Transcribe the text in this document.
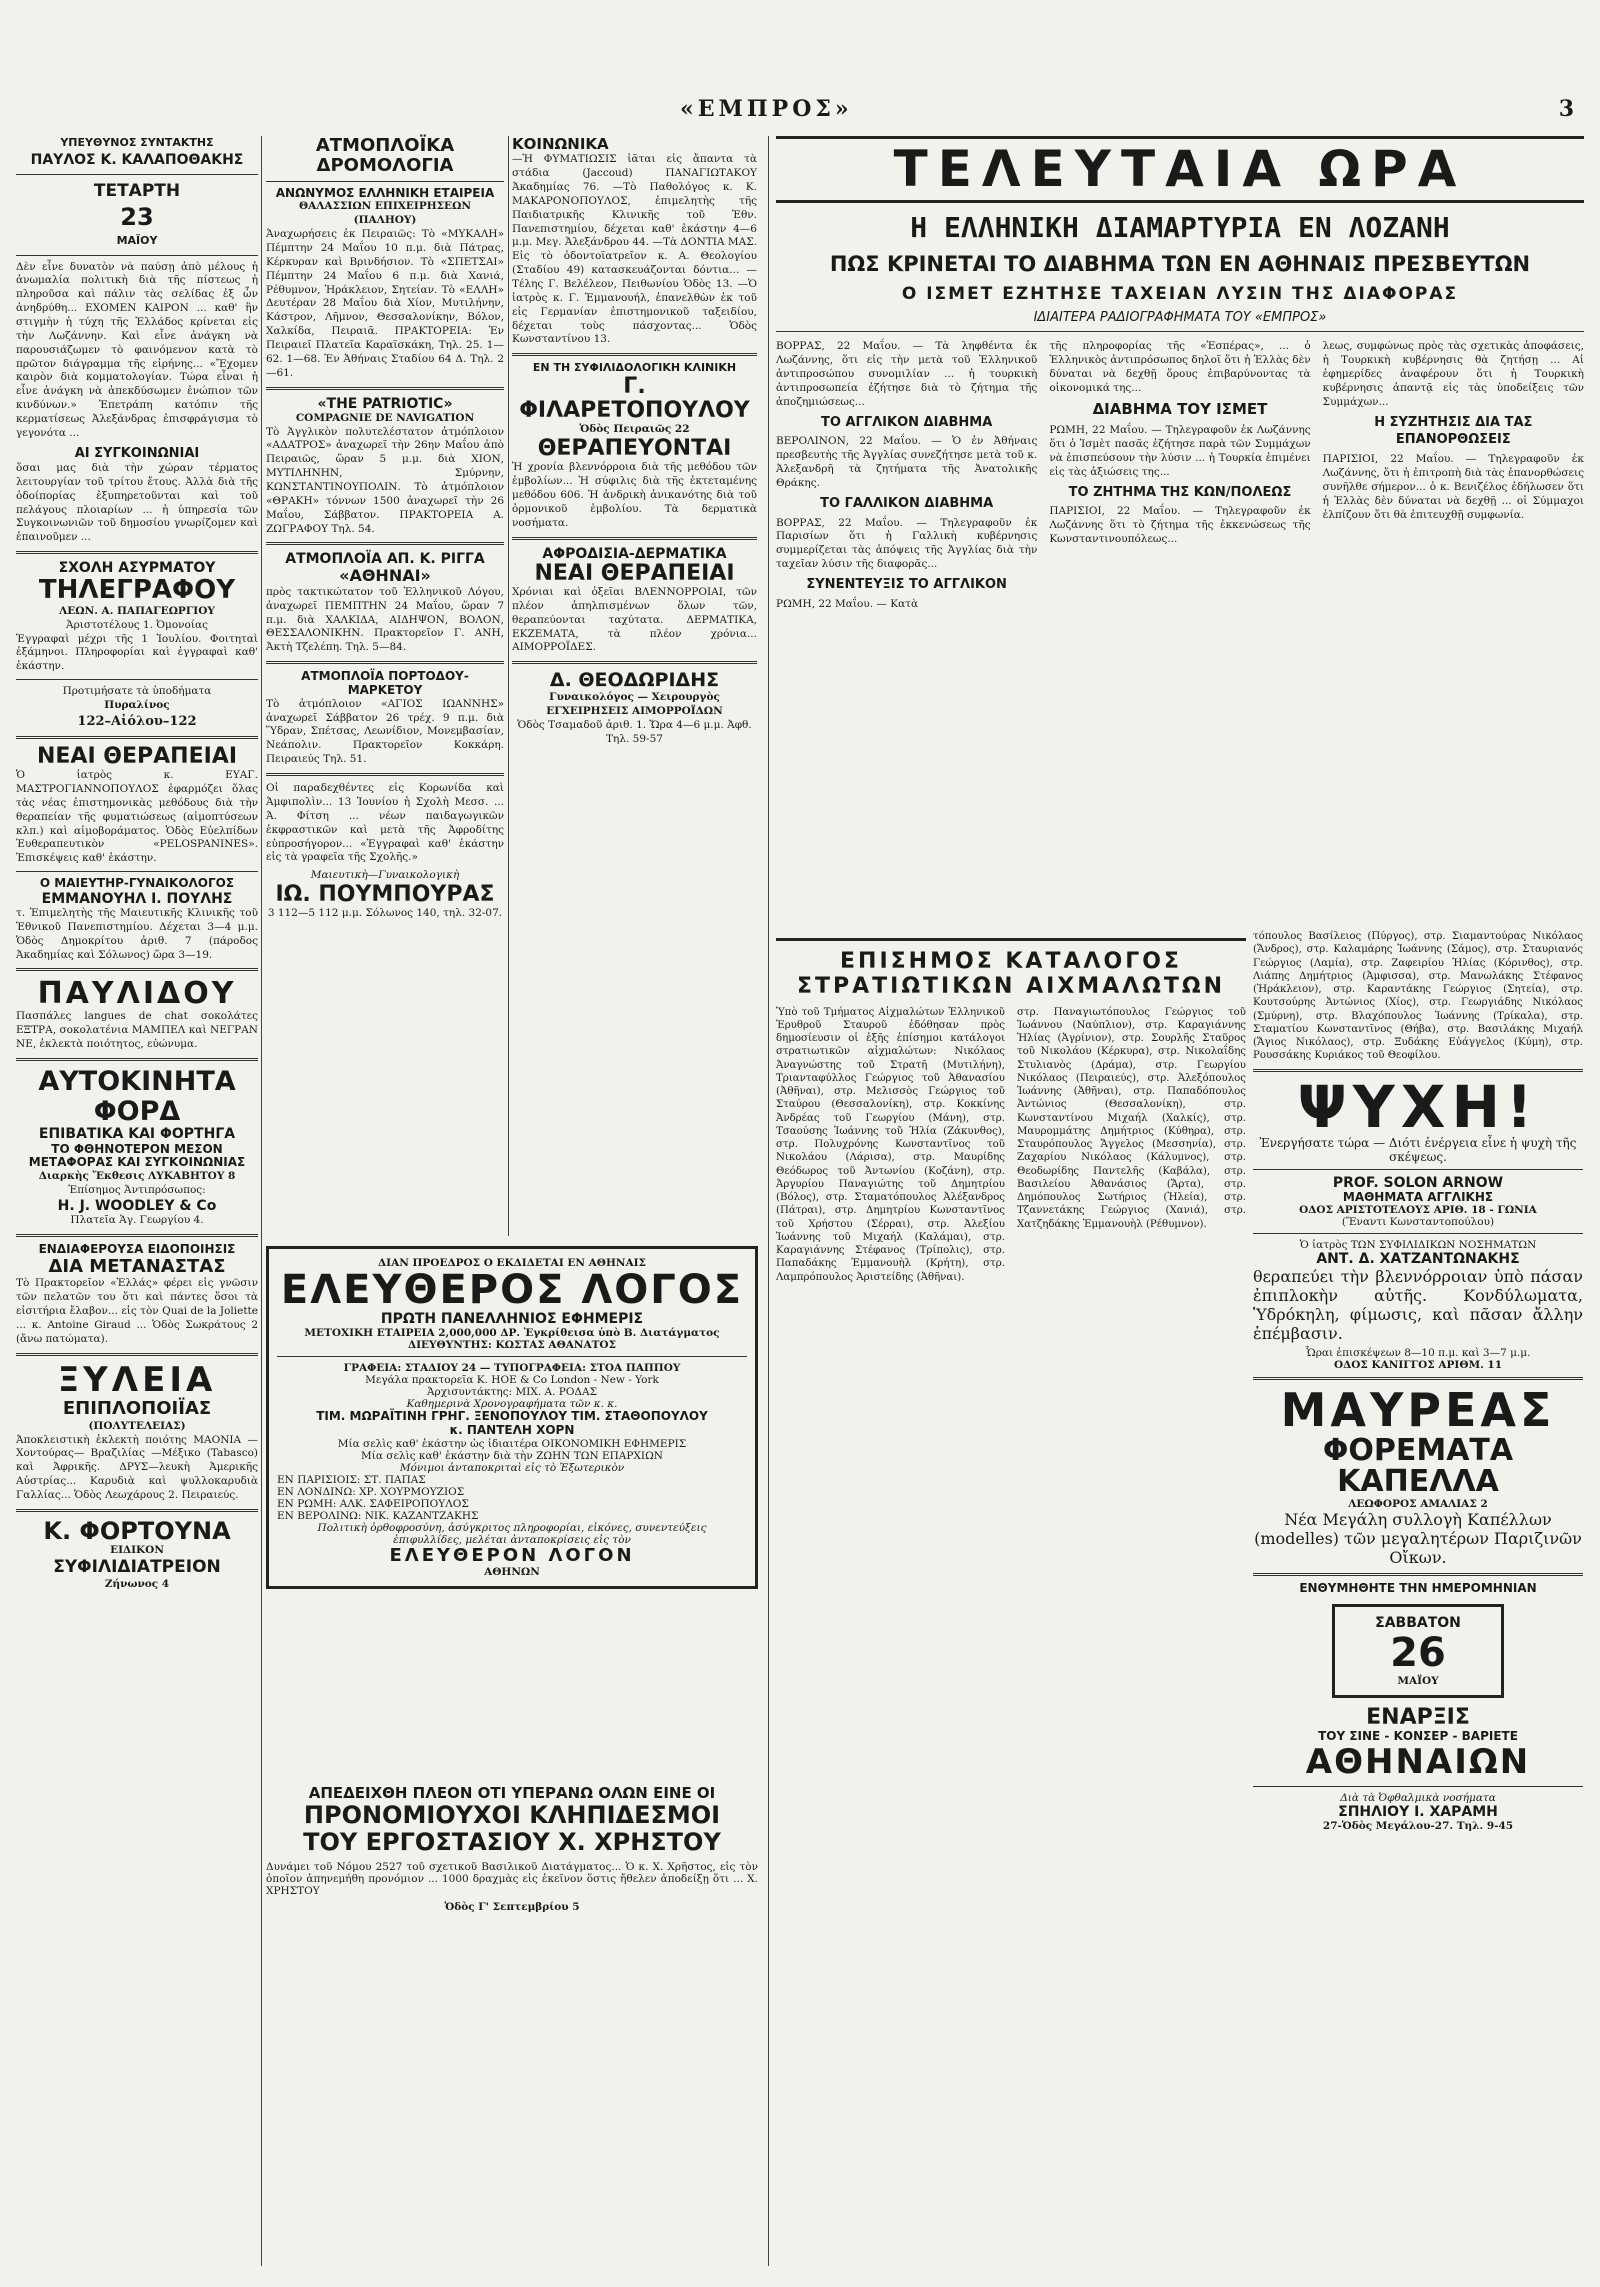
«ΕΜΠΡΟΣ»	3
ΥΠΕΥΘΥΝΟΣ ΣΥΝΤΑΚΤΗΣ
ΠΑΥΛΟΣ Κ. ΚΑΛΑΠΟΘΑΚΗΣ
ΤΕΤΑΡΤΗ
23
ΜΑΪΟΥ

Δὲν εἶνε δυνατὸν νὰ παύσῃ ἀπὸ μέλους ἡ ἀνωμαλία πολιτικὴ διὰ τῆς πίστεως ἡ πληροῦσα καὶ πάλιν τὰς σελίδας ἐξ ὧν ἀνηδρύθη... ΕΧΟΜΕΝ ΚΑΙΡΟΝ ... καθ' ἣν στιγμὴν ἡ τύχη τῆς Ἑλλάδος κρίνεται εἰς τὴν Λωζάννην. Καὶ εἶνε ἀνάγκη νὰ παρουσιάζωμεν τὸ φαινόμενον κατὰ τὸ πρῶτον διάγραμμα τῆς εἰρήνης... «Ἔχομεν καιρὸν διὰ κομματολογίαν. Τώρα εἶναι ἡ εἶνε ἀνάγκη νὰ ἀπεκδύσωμεν ἐνώπιον τῶν κινδύνων.» Ἐπετράπη κατόπιν τῆς κερματίσεως Ἀλεξάνδρας ἐπισφράγισμα τὸ γεγονότα ...

ΑΙ ΣΥΓΚΟΙΝΩΝΙΑΙ

ὅσαι μας διὰ τὴν χώραν τέρματος λειτουργίαν τοῦ τρίτου ἔτους. Ἀλλὰ διὰ τῆς ὁδοίπορίας ἐξυπηρετοῦνται καὶ τοῦ πελάγους πλοιαρίων ... ἡ ὑπηρεσία τῶν Συγκοινωνιῶν τοῦ δημοσίου γνωρίζομεν καὶ ἐπαινοῦμεν ...

ΣΧΟΛΗ ΑΣΥΡΜΑΤΟΥ
ΤΗΛΕΓΡΑΦΟΥ
ΛΕΩΝ. Α. ΠΑΠΑΓΕΩΡΓΙΟΥ
Ἀριστοτέλους 1. Ὀμονοίας

Ἐγγραφαὶ μέχρι τῆς 1 Ἰουλίου. Φοιτηταὶ ἐξάμηνοι. Πληροφορίαι καὶ ἐγγραφαὶ καθ' ἑκάστην.

Προτιμήσατε τὰ ὑποδήματα
Πυραλίνος
122–Αἰόλου–122
ΝΕΑΙ ΘΕΡΑΠΕΙΑΙ

Ὁ ἰατρὸς κ. ΕΥΑΓ. ΜΑΣΤΡΟΓΙΑΝΝΟΠΟΥΛΟΣ ἐφαρμόζει ὅλας τὰς νέας ἐπιστημονικὰς μεθόδους διὰ τὴν θεραπείαν τῆς φυματιώσεως (αἱμοπτύσεων κλπ.) καὶ αἱμοβοράματος. Ὁδὸς Εὐελπίδων Ἐυθεραπευτικὸν «PELOSPANINES». Ἐπισκέψεις καθ' ἑκάστην.

Ο ΜΑΙΕΥΤΗΡ-ΓΥΝΑΙΚΟΛΟΓΟΣ
ΕΜΜΑΝΟΥΗΛ Ι. ΠΟΥΛΗΣ

τ. Ἐπιμελητὴς τῆς Μαιευτικῆς Κλινικῆς τοῦ Ἐθνικοῦ Πανεπιστημίου. Δέχεται 3—4 μ.μ. Ὁδὸς Δημοκρίτου ἀριθ. 7 (πάροδος Ἀκαδημίας καὶ Σόλωνος) ὥρα 3—19.

ΠΑΥΛΙΔΟΥ

Πασπάλες langues de chat σοκολάτες ΕΞΤΡΑ, σοκολατένια ΜΑΜΠΕΛ καὶ ΝΕΓΡΑΝ ΝΕ, ἐκλεκτὰ ποιότητος, εὐώνυμα.

ΑΥΤΟΚΙΝΗΤΑ ΦΟΡΔ
ΕΠΙΒΑΤΙΚΑ ΚΑΙ ΦΟΡΤΗΓΑ
ΤΟ ΦΘΗΝΟΤΕΡΟΝ ΜΕΣΟΝ ΜΕΤΑΦΟΡΑΣ ΚΑΙ ΣΥΓΚΟΙΝΩΝΙΑΣ
Διαρκὴς Ἔκθεσις ΛΥΚΑΒΗΤΟΥ 8
Ἐπίσημος Ἀντιπρόσωπος:
H. J. WOODLEY & Co
Πλατεῖα Ἁγ. Γεωργίου 4.
ΕΝΔΙΑΦΕΡΟΥΣΑ ΕΙΔΟΠΟΙΗΣΙΣ
ΔΙΑ ΜΕΤΑΝΑΣΤΑΣ

Τὸ Πρακτορεῖον «Ἑλλάς» φέρει εἰς γνῶσιν τῶν πελατῶν του ὅτι καὶ πάντες ὅσοι τὰ εἰσιτήρια ἔλαβον... εἰς τὸν Quai de la Joliette ... κ. Antoine Giraud ... Ὁδὸς Σωκράτους 2 (ἄνω πατώματα).

ΞΥΛΕΙΑ
ΕΠΙΠΛΟΠΟΙΪΑΣ
(ΠΟΛΥΤΕΛΕΙΑΣ)

Ἀποκλειστικὴ ἐκλεκτὴ ποιότης ΜΑΟΝΙΑ —Χοντούρας— Βραζιλίας —Μέξικο (Tabasco) καὶ Ἀφρικῆς. ΔΡΥΣ—λευκὴ Ἀμερικῆς Αὐστρίας... Καρυδιὰ καὶ ψυλλοκαρυδιὰ Γαλλίας... Ὁδὸς Λεωχάρους 2. Πειραιεύς.

Κ. ΦΟΡΤΟΥΝΑ
ΕΙΔΙΚΟΝ
ΣΥΦΙΛΙΔΙΑΤΡΕΙΟΝ
Ζήνωνος 4
ΑΤΜΟΠΛΟΪΚΑ ΔΡΟΜΟΛΟΓΙΑ
ΑΝΩΝΥΜΟΣ ΕΛΛΗΝΙΚΗ ΕΤΑΙΡΕΙΑ
ΘΑΛΑΣΣΙΩΝ ΕΠΙΧΕΙΡΗΣΕΩΝ (ΠΑΛΗΟΥ)

Ἀναχωρήσεις ἐκ Πειραιῶς: Τὸ «ΜΥΚΑΛΗ» Πέμπτην 24 Μαΐου 10 π.μ. διὰ Πάτρας, Κέρκυραν καὶ Βρινδήσιον. Τὸ «ΣΠΕΤΣΑΙ» Πέμπτην 24 Μαΐου 6 π.μ. διὰ Χανιά, Ρέθυμνον, Ἡράκλειον, Σητείαν. Τὸ «ΕΛΛΗ» Δευτέραν 28 Μαΐου διὰ Χίον, Μυτιλήνην, Κάστρον, Λῆμνον, Θεσσαλονίκην, Βόλον, Χαλκίδα, Πειραιᾶ. ΠΡΑΚΤΟΡΕΙΑ: Ἐν Πειραιεῖ Πλατεῖα Καραϊσκάκη, Τηλ. 25. 1—62. 1—68. Ἐν Ἀθήναις Σταδίου 64 Δ. Τηλ. 2—61.

«THE PATRIOTIC»
COMPAGNIE DE NAVIGATION

Τὸ Ἀγγλικὸν πολυτελέστατον ἀτμόπλοιον «ΑΔΑΤΡΟΣ» ἀναχωρεῖ τὴν 26ην Μαΐου ἀπὸ Πειραιῶς, ὥραν 5 μ.μ. διὰ ΧΙΟΝ, ΜΥΤΙΛΗΝΗΝ, Σμύρνην, ΚΩΝΣΤΑΝΤΙΝΟΥΠΟΛΙΝ. Τὸ ἀτμόπλοιον «ΘΡΑΚΗ» τόννων 1500 ἀναχωρεῖ τὴν 26 Μαΐου, Σάββατον. ΠΡΑΚΤΟΡΕΙΑ Α. ΖΩΓΡΑΦΟΥ Τηλ. 54.

ΑΤΜΟΠΛΟΪΑ ΑΠ. Κ. ΡΙΓΓΑ
«ΑΘΗΝΑΙ»

πρὸς τακτικώτατον τοῦ Ἑλληνικοῦ Λόγου, ἀναχωρεῖ ΠΕΜΠΤΗΝ 24 Μαΐου, ὥραν 7 π.μ. διὰ ΧΑΛΚΙΔΑ, ΑΙΔΗΨΟΝ, ΒΟΛΟΝ, ΘΕΣΣΑΛΟΝΙΚΗΝ. Πρακτορεῖον Γ. ΑΝΗ, Ἀκτὴ Τζελέπη. Τηλ. 5—84.

ΑΤΜΟΠΛΟΪΑ ΠΟΡΤΟΔΟΥ-ΜΑΡΚΕΤΟΥ

Τὸ ἀτμόπλοιον «ΑΓΙΟΣ ΙΩΑΝΝΗΣ» ἀναχωρεῖ Σάββατον 26 τρέχ. 9 π.μ. διὰ Ὕδραν, Σπέτσας, Λεωνίδιον, Μονεμβασίαν, Νεάπολιν. Πρακτορεῖον Κοκκάρη. Πειραιεύς Τηλ. 51.

Οἱ παραδεχθέντες εἰς Κορωνίδα καὶ Ἀμφιπολὶν... 13 Ἰουνίου ἡ Σχολὴ Μεσσ. ... Ἀ. Φίτση ... νέων παιδαγωγικῶν ἐκφραστικῶν καὶ μετὰ τῆς Ἀφροδίτης εὐπροσήγορον... «Ἐγγραφαὶ καθ' ἑκάστην εἰς τὰ γραφεῖα τῆς Σχολῆς.»

Μαιευτικὴ—Γυναικολογικὴ
ΙΩ. ΠΟΥΜΠΟΥΡΑΣ
3 112—5 112 μ.μ. Σόλωνος 140, τηλ. 32-07.
ΚΟΙΝΩΝΙΚΑ

—Ἡ ΦΥΜΑΤΙΩΣΙΣ ἰᾶται εἰς ἄπαντα τὰ στάδια (Jaccoud) ΠΑΝΑΓΙΩΤΑΚΟΥ Ἀκαδημίας 76. —Τὸ Παθολόγος κ. Κ. ΜΑΚΑΡΟΝΟΠΟΥΛΟΣ, ἐπιμελητὴς τῆς Παιδιατρικῆς Κλινικῆς τοῦ Ἐθν. Πανεπιστημίου, δέχεται καθ' ἑκάστην 4—6 μ.μ. Μεγ. Ἀλεξάνδρου 44. —Τὰ ΔΟΝΤΙΑ ΜΑΣ. Εἰς τὸ ὀδοντοϊατρεῖον κ. Α. Θεολογίου (Σταδίου 49) κατασκευάζονται δόντια... —Τέλης Γ. Βελέλεον, Πειθωνίου Ὁδὸς 13. —Ὁ ἰατρὸς κ. Γ. Ἐμμανουήλ, ἐπανελθὼν ἐκ τοῦ εἰς Γερμανίαν ἐπιστημονικοῦ ταξειδίου, δέχεται τοὺς πάσχοντας... Ὁδὸς Κωνσταντίνου 13.

ΕΝ ΤΗ ΣΥΦΙΛΙΔΟΛΟΓΙΚΗ ΚΛΙΝΙΚΗ
Γ. ΦΙΛΑΡΕΤΟΠΟΥΛΟΥ
Ὁδὸς Πειραιῶς 22
ΘΕΡΑΠΕΥΟΝΤΑΙ

Ἡ χρονία βλεννόρροια διὰ τῆς μεθόδου τῶν ἐμβολίων... Ἡ σύφιλις διὰ τῆς ἐκτεταμένης μεθόδου 606. Ἡ ἀνδρικὴ ἀνικανότης διὰ τοῦ ὀρμονικοῦ ἐμβολίου. Τὰ δερματικὰ νοσήματα.

ΑΦΡΟΔΙΣΙΑ-ΔΕΡΜΑΤΙΚΑ
ΝΕΑΙ ΘΕΡΑΠΕΙΑΙ

Χρόνιαι καὶ ὀξεῖαι ΒΛΕΝΝΟΡΡΟΙΑΙ, τῶν πλέον ἀπηλπισμένων ὅλων τῶν, θεραπεύονται ταχύτατα. ΔΕΡΜΑΤΙΚΑ, ΕΚΖΕΜΑΤΑ, τὰ πλέον χρόνια... ΑΙΜΟΡΡΟΪΔΕΣ.

Δ. ΘΕΟΔΩΡΙΔΗΣ
Γυναικολόγος — Χειρουργὸς
ΕΓΧΕΙΡΗΣΕΙΣ ΑΙΜΟΡΡΟΪΔΩΝ
Ὁδὸς Τσαμαδοῦ ἀριθ. 1. Ὥρα 4—6 μ.μ. Ἀφθ. Τηλ. 59-57
ΔΙΑΝ ΠΡΟΕΔΡΟΣ Ο ΕΚΔΙΔΕΤΑΙ ΕΝ ΑΘΗΝΑΙΣ
ΕΛΕΥΘΕΡΟΣ ΛΟΓΟΣ
ΠΡΩΤΗ ΠΑΝΕΛΛΗΝΙΟΣ ΕΦΗΜΕΡΙΣ
ΜΕΤΟΧΙΚΗ ΕΤΑΙΡΕΙΑ 2,000,000 ΔΡ. Ἐγκρίθεισα ὑπὸ Β. Διατάγματος
ΔΙΕΥΘΥΝΤΗΣ: ΚΩΣΤΑΣ ΑΘΑΝΑΤΟΣ
ΓΡΑΦΕΙΑ: ΣΤΑΔΙΟΥ 24 — ΤΥΠΟΓΡΑΦΕΙΑ: ΣΤΟΑ ΠΑΠΠΟΥ
Μεγάλα πρακτορεῖα K. HOE & Co London - New - York
Ἀρχισυντάκτης: ΜΙΧ. Α. ΡΟΔΑΣ
Καθημερινὰ Χρονογραφήματα τῶν κ. κ.
ΤΙΜ. ΜΩΡΑΪΤΙΝΗ ΓΡΗΓ. ΞΕΝΟΠΟΥΛΟΥ ΤΙΜ. ΣΤΑΘΟΠΟΥΛΟΥ
κ. ΠΑΝΤΕΛΗ ΧΟΡΝ
Μία σελὶς καθ' ἑκάστην ὡς ἰδιαιτέρα ΟΙΚΟΝΟΜΙΚΗ ΕΦΗΜΕΡΙΣ
Μία σελὶς καθ' ἑκάστην διὰ τὴν ΖΩΗΝ ΤΩΝ ΕΠΑΡΧΙΩΝ
Μόνιμοι ἀνταποκριταὶ εἰς τὸ Ἐξωτερικὸν
ΕΝ ΠΑΡΙΣΙΟΙΣ: ΣΤ. ΠΑΠΑΣ
ΕΝ ΛΟΝΔΙΝΩ: ΧΡ. ΧΟΥΡΜΟΥΖΙΟΣ
ΕΝ ΡΩΜΗ: ΑΛΚ. ΣΑΦΕΙΡΟΠΟΥΛΟΣ
ΕΝ ΒΕΡΟΛΙΝΩ: ΝΙΚ. ΚΑΖΑΝΤΖΑΚΗΣ
Πολιτικὴ ὀρθοφροσύνη, ἀσύγκριτος πληροφορίαι, εἰκόνες, συνεντεύξεις
ἐπιφυλλίδες, μελέται ἀνταποκρίσεις εἰς τὸν
ΕΛΕΥΘΕΡΟΝ ΛΟΓΟΝ
ΑΘΗΝΩΝ
ΑΠΕΔΕΙΧΘΗ ΠΛΕΟΝ ΟΤΙ ΥΠΕΡΑΝΩ ΟΛΩΝ ΕΙΝΕ ΟΙ
ΠΡΟΝΟΜΙΟΥΧΟΙ ΚΛΗΠΙΔΕΣΜΟΙ
ΤΟΥ ΕΡΓΟΣΤΑΣΙΟΥ Χ. ΧΡΗΣΤΟΥ

Δυνάμει τοῦ Νόμου 2527 τοῦ σχετικοῦ Βασιλικοῦ Διατάγματος... Ὁ κ. Χ. Χρῆστος, εἰς τὸν ὁποῖον ἀπηνεμήθη προνόμιον ... 1000 δραχμὰς εἰς ἐκεῖνον ὅστις ἤθελεν ἀποδείξῃ ὅτι ... Χ. ΧΡΗΣΤΟΥ

Ὁδὸς Γ' Σεπτεμβρίου 5
ΤΕΛΕΥΤΑΙΑ ΩΡΑ
Η ΕΛΛΗΝΙΚΗ ΔΙΑΜΑΡΤΥΡΙΑ ΕΝ ΛΟΖΑΝΗ
ΠΩΣ ΚΡΙΝΕΤΑΙ ΤΟ ΔΙΑΒΗΜΑ ΤΩΝ ΕΝ ΑΘΗΝΑΙΣ ΠΡΕΣΒΕΥΤΩΝ
Ο ΙΣΜΕΤ ΕΖΗΤΗΣΕ ΤΑΧΕΙΑΝ ΛΥΣΙΝ ΤΗΣ ΔΙΑΦΟΡΑΣ
ΙΔΙΑΙΤΕΡΑ ΡΑΔΙΟΓΡΑΦΗΜΑΤΑ ΤΟΥ «ΕΜΠΡΟΣ»

ΒΟΡΡΑΣ, 22 Μαΐου. — Τὰ ληφθέντα ἐκ Λωζάννης, ὅτι εἰς τὴν μετὰ τοῦ Ἑλληνικοῦ ἀντιπροσώπου συνομιλίαν ... ἡ τουρκικὴ ἀντιπροσωπεία ἐζήτησε διὰ τὸ ζήτημα τῆς ἀποζημιώσεως...

ΤΟ ΑΓΓΛΙΚΟΝ ΔΙΑΒΗΜΑ

ΒΕΡΟΛΙΝΟΝ, 22 Μαΐου. — Ὁ ἐν Ἀθήναις πρεσβευτὴς τῆς Ἀγγλίας συνεζήτησε μετὰ τοῦ κ. Ἀλεξανδρῆ τὰ ζητήματα τῆς Ἀνατολικῆς Θράκης.

ΤΟ ΓΑΛΛΙΚΟΝ ΔΙΑΒΗΜΑ

ΒΟΡΡΑΣ, 22 Μαΐου. — Τηλεγραφοῦν ἐκ Παρισίων ὅτι ἡ Γαλλικὴ κυβέρνησις συμμερίζεται τὰς ἀπόψεις τῆς Ἀγγλίας διὰ τὴν ταχεῖαν λύσιν τῆς διαφορᾶς...

ΣΥΝΕΝΤΕΥΞΙΣ ΤΟ ΑΓΓΛΙΚΟΝ

ΡΩΜΗ, 22 Μαΐου. — Κατὰ

τῆς πληροφορίας τῆς «Ἑσπέρας», ... ὁ Ἑλληνικὸς ἀντιπρόσωπος δηλοῖ ὅτι ἡ Ἑλλὰς δὲν δύναται νὰ δεχθῇ ὅρους ἐπιβαρύνοντας τὰ οἰκονομικά της...

ΔΙΑΒΗΜΑ ΤΟΥ ΙΣΜΕΤ

ΡΩΜΗ, 22 Μαΐου. — Τηλεγραφοῦν ἐκ Λωζάννης ὅτι ὁ Ἰσμὲτ πασᾶς ἐζήτησε παρὰ τῶν Συμμάχων νὰ ἐπισπεύσουν τὴν λύσιν ... ἡ Τουρκία ἐπιμένει εἰς τὰς ἀξιώσεις της...

ΤΟ ΖΗΤΗΜΑ ΤΗΣ ΚΩΝ/ΠΟΛΕΩΣ

ΠΑΡΙΣΙΟΙ, 22 Μαΐου. — Τηλεγραφοῦν ἐκ Λωζάννης ὅτι τὸ ζήτημα τῆς ἐκκενώσεως τῆς Κωνσταντινουπόλεως...

λεως, συμφώνως πρὸς τὰς σχετικὰς ἀποφάσεις, ἡ Τουρκικὴ κυβέρνησις θὰ ζητήσῃ ... Αἱ ἐφημερίδες ἀναφέρουν ὅτι ἡ Τουρκικὴ κυβέρνησις ἀπαντᾷ εἰς τὰς ὑποδείξεις τῶν Συμμάχων...

Η ΣΥΖΗΤΗΣΙΣ ΔΙΑ ΤΑΣ ΕΠΑΝΟΡΘΩΣΕΙΣ

ΠΑΡΙΣΙΟΙ, 22 Μαΐου. — Τηλεγραφοῦν ἐκ Λωζάννης, ὅτι ἡ ἐπιτροπὴ διὰ τὰς ἐπανορθώσεις συνῆλθε σήμερον... ὁ κ. Βενιζέλος ἐδήλωσεν ὅτι ἡ Ἑλλὰς δὲν δύναται νὰ δεχθῇ ... οἱ Σύμμαχοι ἐλπίζουν ὅτι θὰ ἐπιτευχθῇ συμφωνία.

ΕΠΙΣΗΜΟΣ ΚΑΤΑΛΟΓΟΣ
ΣΤΡΑΤΙΩΤΙΚΩΝ ΑΙΧΜΑΛΩΤΩΝ
Ὑπὸ τοῦ Τμήματος Αἰχμαλώτων Ἑλληνικοῦ Ἐρυθροῦ Σταυροῦ ἐδόθησαν πρὸς δημοσίευσιν οἱ ἑξῆς ἐπίσημοι κατάλογοι στρατιωτικῶν αἰχμαλώτων: Νικόλαος Ἀναγνώστης τοῦ Στρατῆ (Μυτιλήνη), Τριανταφύλλος Γεώργιος τοῦ Ἀθανασίου (Ἀθῆναι), στρ. Μελισσὸς Γεώργιος τοῦ Σταύρου (Θεσσαλονίκη), στρ. Κοκκίνης Ἀνδρέας τοῦ Γεωργίου (Μάνη), στρ. Τσαούσης Ἰωάννης τοῦ Ἠλία (Ζάκυνθος), στρ. Πολυχρόνης Κωνσταντῖνος τοῦ Νικολάου (Λάρισα), στρ. Μαυρίδης Θεόδωρος τοῦ Ἀντωνίου (Κοζάνη), στρ. Ἀργυρίου Παναγιώτης τοῦ Δημητρίου (Βόλος), στρ. Σταματόπουλος Ἀλέξανδρος (Πάτραι), στρ. Δημητρίου Κωνσταντῖνος τοῦ Χρήστου (Σέρραι), στρ. Ἀλεξίου Ἰωάννης τοῦ Μιχαήλ (Καλάμαι), στρ. Καραγιάννης Στέφανος (Τρίπολις), στρ. Παπαδάκης Ἐμμανουὴλ (Κρήτη), στρ. Λαμπρόπουλος Ἀριστείδης (Ἀθῆναι).
στρ. Παναγιωτόπουλος Γεώργιος τοῦ Ἰωάννου (Ναύπλιον), στρ. Καραγιάννης Ἠλίας (Ἀγρίνιον), στρ. Σουρλῆς Σταῦρος τοῦ Νικολάου (Κέρκυρα), στρ. Νικολαΐδης Στυλιανὸς (Δράμα), στρ. Γεωργίου Νικόλαος (Πειραιεύς), στρ. Ἀλεξόπουλος Ἰωάννης (Ἀθῆναι), στρ. Παπαδόπουλος Ἀντώνιος (Θεσσαλονίκη), στρ. Κωνσταντίνου Μιχαήλ (Χαλκίς), στρ. Μαυρομμάτης Δημήτριος (Κύθηρα), στρ. Σταυρόπουλος Ἄγγελος (Μεσσηνία), στρ. Ζαχαρίου Νικόλαος (Κάλυμνος), στρ. Θεοδωρίδης Παντελῆς (Καβάλα), στρ. Βασιλείου Ἀθανάσιος (Ἄρτα), στρ. Δημόπουλος Σωτήριος (Ἠλεία), στρ. Τζαννετάκης Γεώργιος (Χανιά), στρ. Χατζηδάκης Ἐμμανουὴλ (Ρέθυμνον).
τόπουλος Βασίλειος (Πύργος), στρ. Σιαμαντούρας Νικόλαος (Ἄνδρος), στρ. Καλαμάρης Ἰωάννης (Σάμος), στρ. Σταυριανός Γεώργιος (Λαμία), στρ. Ζαφειρίου Ἠλίας (Κόρινθος), στρ. Λιάπης Δημήτριος (Ἀμφισσα), στρ. Μανωλάκης Στέφανος (Ἡράκλειον), στρ. Καραντάκης Γεώργιος (Σητεία), στρ. Κουτσούρης Ἀντώνιος (Χίος), στρ. Γεωργιάδης Νικόλαος (Σμύρνη), στρ. Βλαχόπουλος Ἰωάννης (Τρίκαλα), στρ. Σταματίου Κωνσταντῖνος (Θήβα), στρ. Βασιλάκης Μιχαήλ (Ἄγιος Νικόλαος), στρ. Ξυδάκης Εὐάγγελος (Κύμη), στρ. Ρουσσάκης Κυριάκος τοῦ Θεοφίλου.
ΨΥΧΗ!

Ἐνεργήσατε τώρα — Διότι ἐνέργεια εἶνε ἡ ψυχὴ τῆς σκέψεως.

PROF. SOLON ARNOW
ΜΑΘΗΜΑΤΑ ΑΓΓΛΙΚΗΣ
ΟΔΟΣ ΑΡΙΣΤΟΤΕΛΟΥΣ ΑΡΙΘ. 18 - ΓΩΝΙΑ
(Ἔναντι Κωνσταντοπούλου)
Ὁ ἰατρὸς ΤΩΝ ΣΥΦΙΛΙΔΙΚΩΝ ΝΟΣΗΜΑΤΩΝ
ΑΝΤ. Δ. ΧΑΤΖΑΝΤΩΝΑΚΗΣ

θεραπεύει τὴν βλεννόρροιαν ὑπὸ πάσαν ἐπιπλοκὴν αὐτῆς. Κονδύλωματα, Ὑδρόκηλη, φίμωσις, καὶ πᾶσαν ἄλλην ἐπέμβασιν.

Ὧραι ἐπισκέψεων 8—10 π.μ. καὶ 3—7 μ.μ.
ΟΔΟΣ ΚΑΝΙΓΓΟΣ ΑΡΙΘΜ. 11
ΜΑΥΡΕΑΣ
ΦΟΡΕΜΑΤΑ
ΚΑΠΕΛΛΑ
ΛΕΩΦΟΡΟΣ ΑΜΑΛΙΑΣ 2

Νέα Μεγάλη συλλογὴ Καπέλλων (modelles) τῶν μεγαλητέρων Παριζινῶν Οἴκων.

ΕΝΘΥΜΗΘΗΤΕ ΤΗΝ ΗΜΕΡΟΜΗΝΙΑΝ
ΣΑΒΒΑΤΟΝ
26
ΜΑΪΟΥ
ΕΝΑΡΞΙΣ
ΤΟΥ ΣΙΝΕ - ΚΟΝΣΕΡ - ΒΑΡΙΕΤΕ
ΑΘΗΝΑΙΩΝ
Διὰ τὰ Ὀφθαλμικὰ νοσήματα
ΣΠΗΛΙΟΥ Ι. ΧΑΡΑΜΗ
27-Ὁδὸς Μεγάλου-27. Τηλ. 9-45
